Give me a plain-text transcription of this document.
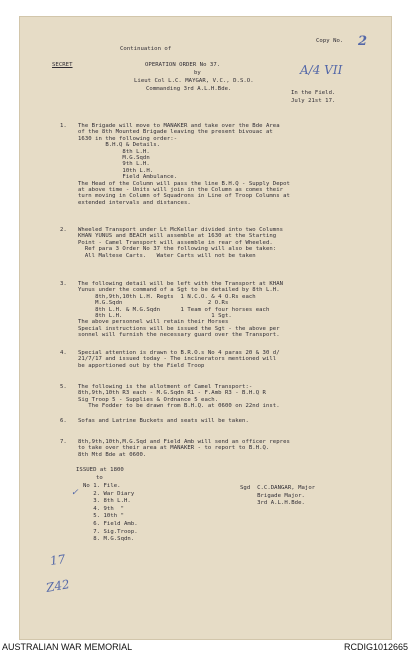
Copy No. 2
Continuation of
SECRET	OPERATION ORDER No 37.
by
Lieut Col L.C. MAYGAR, V.C., D.S.O.
Commanding 3rd A.L.H.Bde.
A/4 VII
In the Field.
July 21st 17.
1. The Brigade will move to MANAKER and take over the Bde Area
of the 8th Mounted Brigade leaving the present bivouac at
1630 in the following order:-
B.H.Q & Details.
8th L.H.
M.G.Sqdn
9th L.H.
10th L.H.
Field Ambulance.
The Head of the Column will pass the line B.H.Q - Supply Depot
at above time - Units will join in the Column as comes their
turn moving in Column of Squadrons in Line of Troop Columns at
extended intervals and distances.
2. Wheeled Transport under Lt McKellar divided into two Columns
KHAN YUNUS and BEACH will assemble at 1630 at the Starting
Point - Camel Transport will assemble in rear of Wheeled.
Ref para 3 Order No 37 the following will also be taken:
All Maltese Carts.   Water Carts will not be taken
3. The following detail will be left with the Transport at KHAN
Yunus under the command of a Sgt to be detailed by 8th L.H.
8th,9th,10th L.H. Regts  1 N.C.O. & 4 O.Rs each
M.G.Sqdn                         2 O.Rs
8th L.H. & M.G.Sqdn      1 Team of four horses each
8th L.H.                          1 Sgt.
The above personnel will retain their Horses
Special instructions will be issued the Sgt - the above per
sonnel will furnish the necessary guard over the Transport.
4. Special attention is drawn to B.R.O.s No 4 paras 20 & 30 d/
21/7/17 and issued today - The incinerators mentioned will
be apportioned out by the Field Troop
5. The following is the allotment of Camel Transport:-
8th,9th,10th R3 each - M.G.Sqdn R1 - F.Amb R3 - B.H.Q R
Sig Troop 5 - Supplies & Ordnance 5 each.
The Fodder to be drawn from B.H.Q. at 0600 on 22nd inst.
6. Sofas and Latrine Buckets and seats will be taken.
7. 8th,9th,10th,M.G.Sqd and Field Amb will send an officer repres
to take over their area at MANAKER - to report to B.H.Q.
8th Mtd Bde at 0600.
ISSUED at 1800
to
No 1. File.
2. War Diary
3. 8th L.H.
4. 9th  "
5. 10th "
6. Field Amb.
7. Sig.Troop.
8. M.G.Sqdn.
✓	Sgd  C.C.DANGAR, Major
Brigade Major.
3rd A.L.H.Bde.
17
Z42
AUSTRALIAN WAR MEMORIAL	RCDIG1012665
